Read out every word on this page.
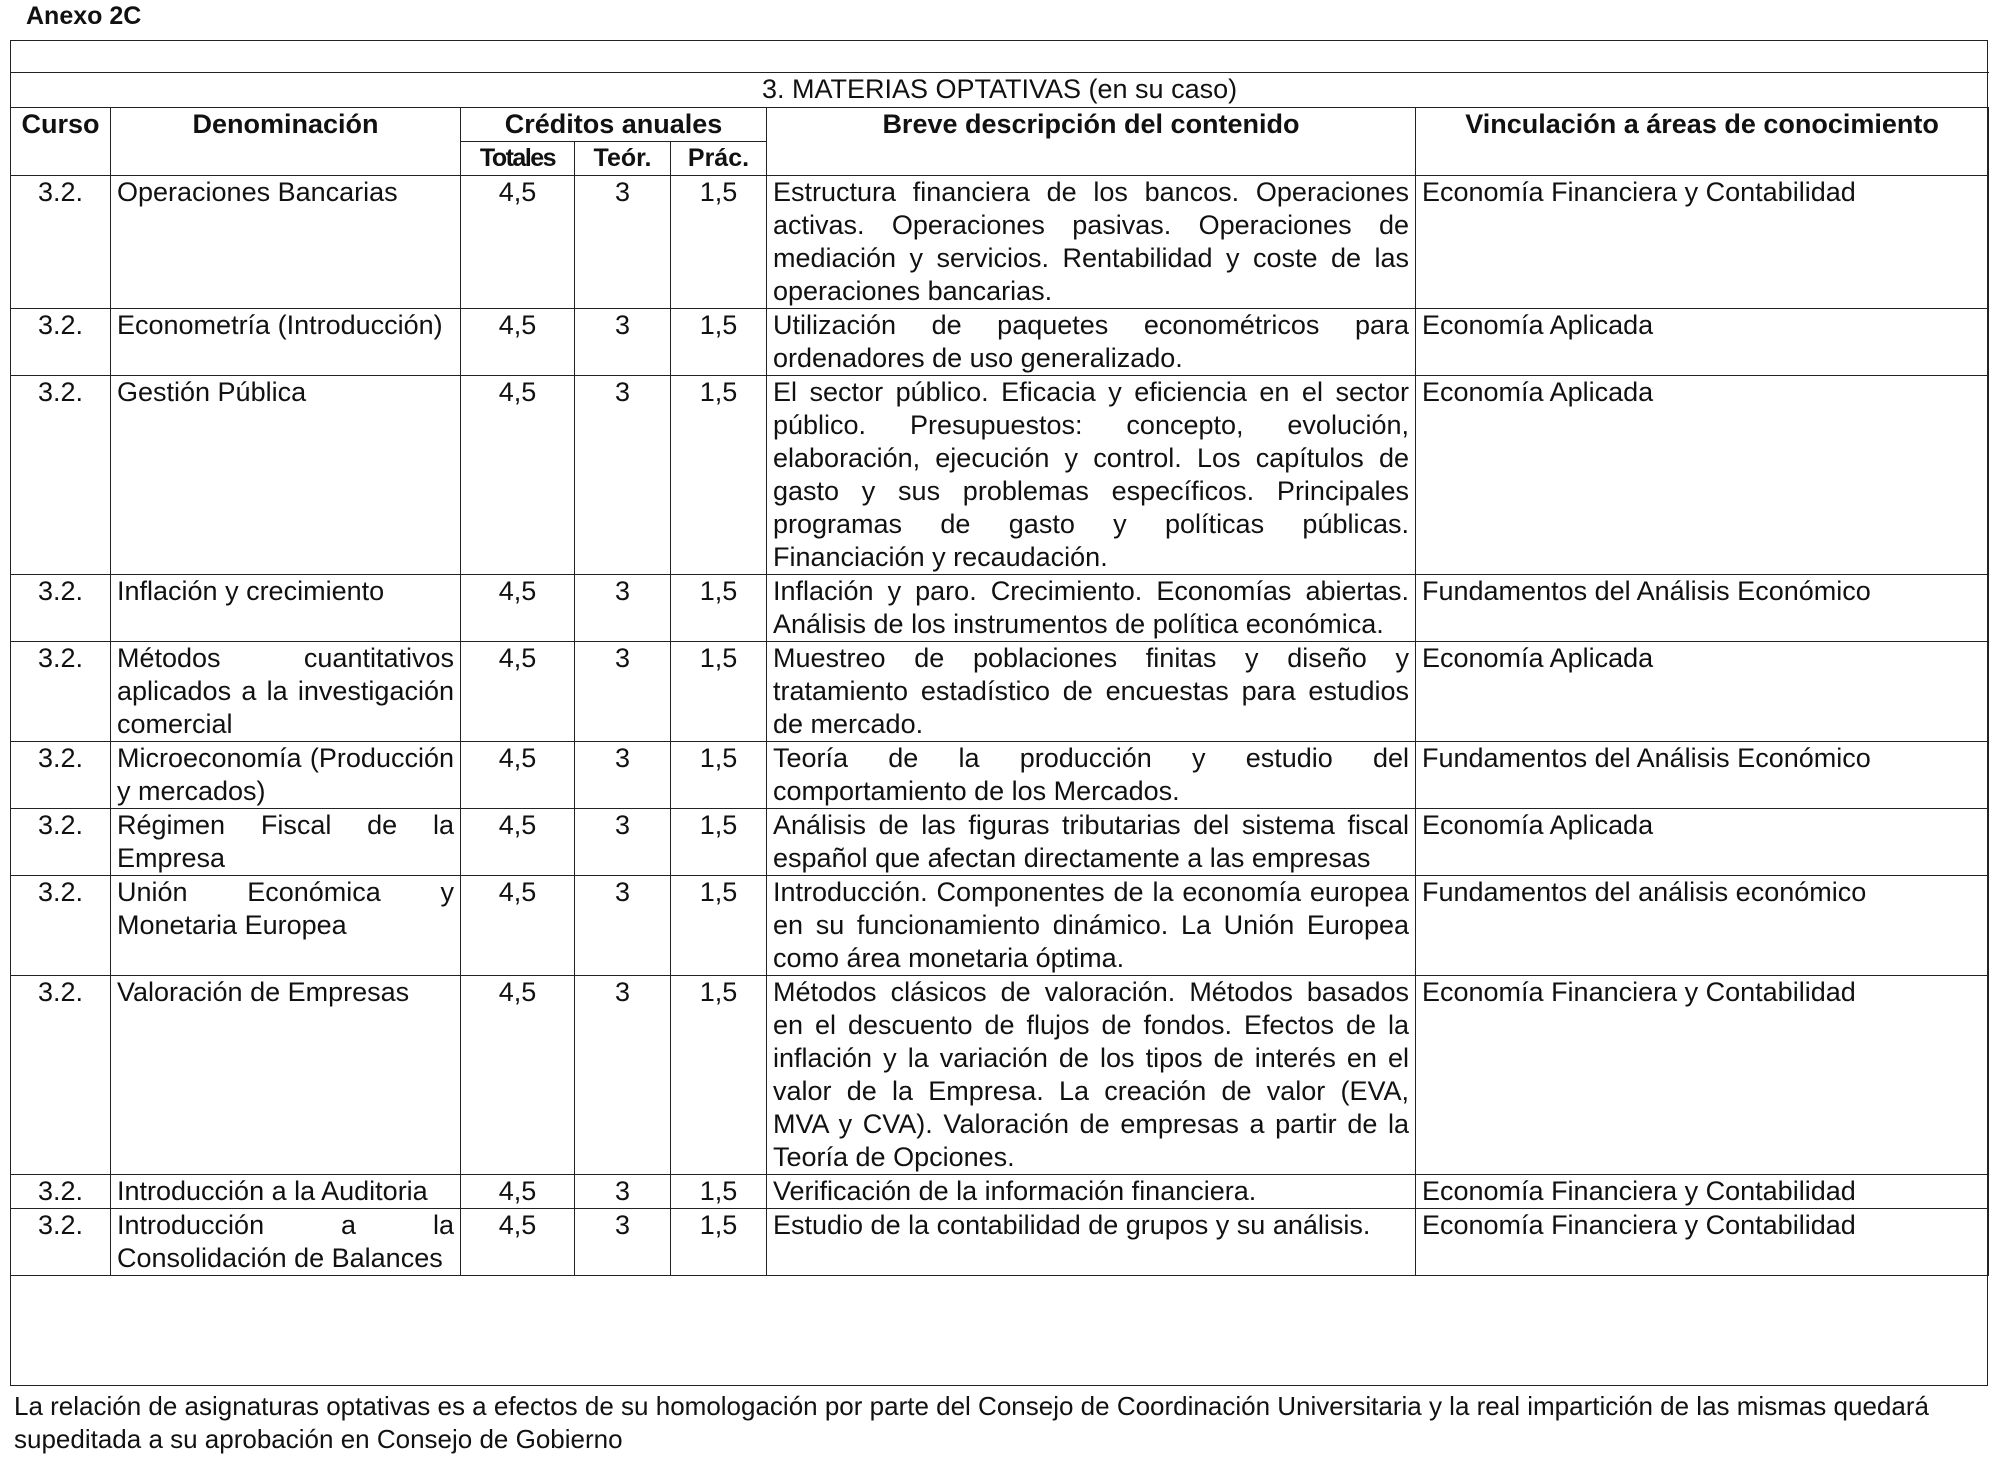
Anexo 2C
3. MATERIAS OPTATIVAS (en su caso)						
Curso	Denominación	Créditos anuales			Breve descripción del contenido	Vinculación a áreas de conocimiento
		Totales	Teór.	Prác.		
3.2.	Operaciones Bancarias	4,5	3	1,5	Estructura financiera de los bancos. Operaciones activas. Operaciones pasivas. Operaciones de mediación y servicios. Rentabilidad y coste de las operaciones bancarias.	Economía Financiera y Contabilidad
3.2.	Econometría (Introducción)	4,5	3	1,5	Utilización de paquetes econométricos para ordenadores de uso generalizado.	Economía Aplicada
3.2.	Gestión Pública	4,5	3	1,5	El sector público. Eficacia y eficiencia en el sector público. Presupuestos: concepto, evolución, elaboración, ejecución y control. Los capítulos de gasto y sus problemas específicos. Principales programas de gasto y políticas públicas. Financiación y recaudación.	Economía Aplicada
3.2.	Inflación y crecimiento	4,5	3	1,5	Inflación y paro. Crecimiento. Economías abiertas. Análisis de los instrumentos de política económica.	Fundamentos del Análisis Económico
3.2.	Métodos cuantitativos aplicados a la investigación comercial	4,5	3	1,5	Muestreo de poblaciones finitas y diseño y tratamiento estadístico de encuestas para estudios de mercado.	Economía Aplicada
3.2.	Microeconomía (Producción y mercados)	4,5	3	1,5	Teoría de la producción y estudio del comportamiento de los Mercados.	Fundamentos del Análisis Económico
3.2.	Régimen Fiscal de la Empresa	4,5	3	1,5	Análisis de las figuras tributarias del sistema fiscal español que afectan directamente a las empresas	Economía Aplicada
3.2.	Unión Económica y Monetaria Europea	4,5	3	1,5	Introducción. Componentes de la economía europea en su funcionamiento dinámico. La Unión Europea como área monetaria óptima.	Fundamentos del análisis económico
3.2.	Valoración de Empresas	4,5	3	1,5	Métodos clásicos de valoración. Métodos basados en el descuento de flujos de fondos. Efectos de la inflación y la variación de los tipos de interés en el valor de la Empresa. La creación de valor (EVA, MVA y CVA). Valoración de empresas a partir de la Teoría de Opciones.	Economía Financiera y Contabilidad
3.2.	Introducción a la Auditoria	4,5	3	1,5	Verificación de la información financiera.	Economía Financiera y Contabilidad
3.2.	Introducción a la Consolidación de Balances	4,5	3	1,5	Estudio de la contabilidad de grupos y su análisis.	Economía Financiera y Contabilidad
La relación de asignaturas optativas es a efectos de su homologación por parte del Consejo de Coordinación Universitaria y la real impartición de las mismas quedará supeditada a su aprobación en Consejo de Gobierno
